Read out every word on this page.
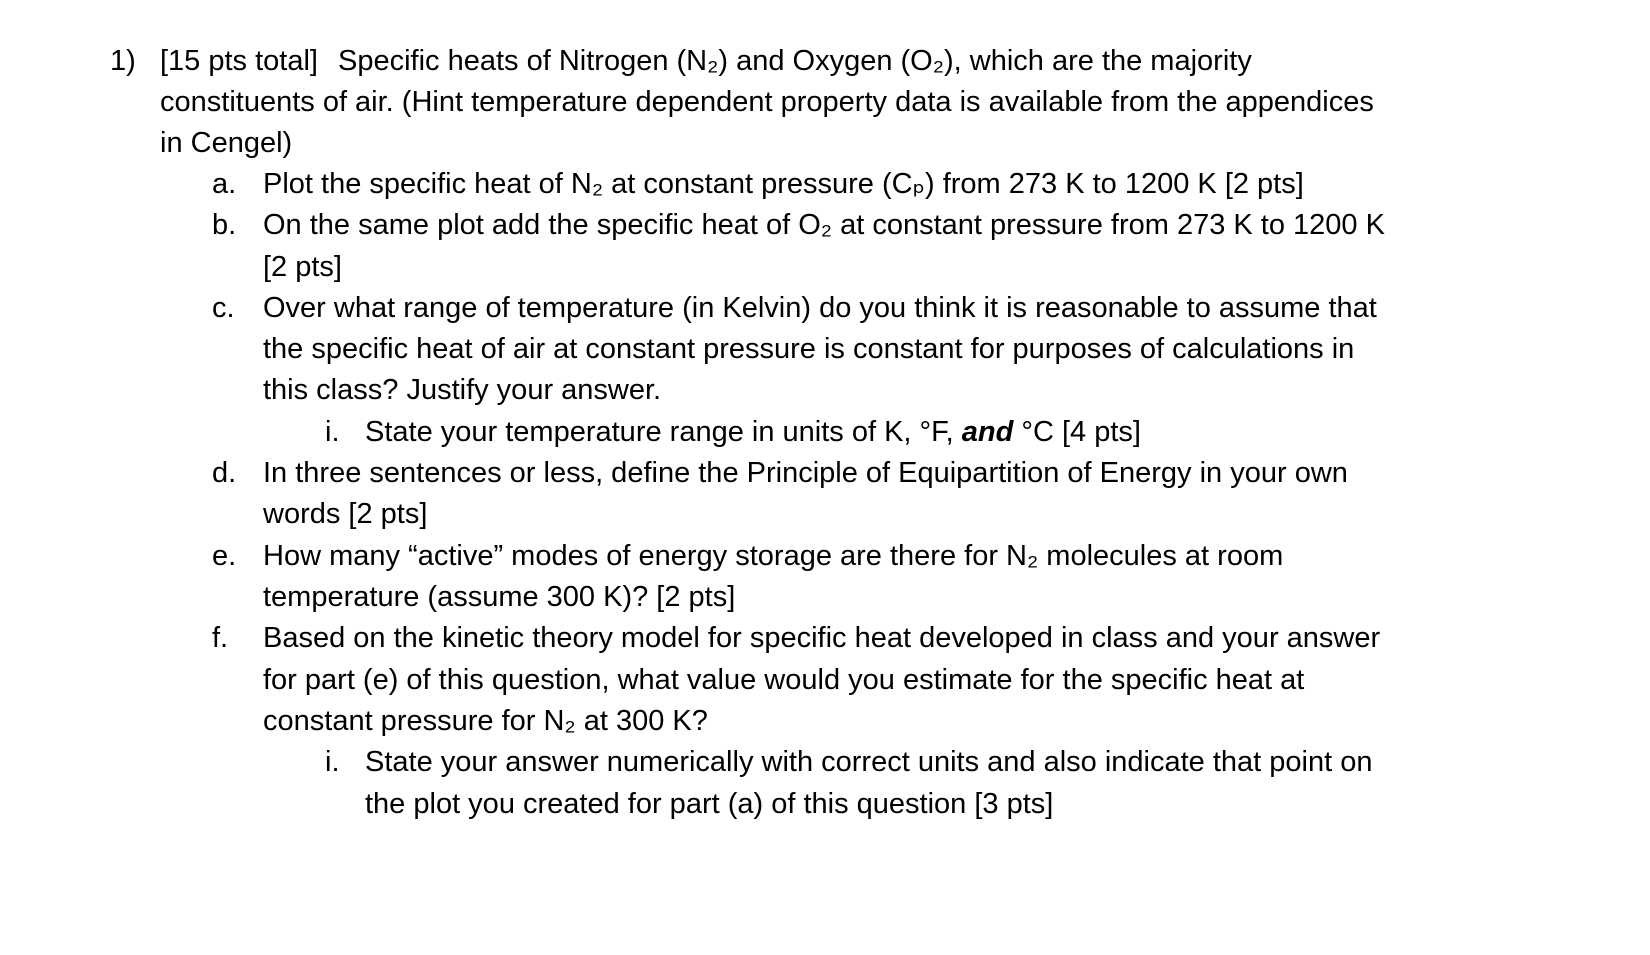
1) [15 pts total] Specific heats of Nitrogen (N₂) and Oxygen (O₂), which are the majority
constituents of air. (Hint temperature dependent property data is available from the appendices
in Cengel)
a. Plot the specific heat of N₂ at constant pressure (Cₚ) from 273 K to 1200 K [2 pts]
b. On the same plot add the specific heat of O₂ at constant pressure from 273 K to 1200 K
[2 pts]
c. Over what range of temperature (in Kelvin) do you think it is reasonable to assume that
the specific heat of air at constant pressure is constant for purposes of calculations in
this class? Justify your answer.
i. State your temperature range in units of K, °F, and °C [4 pts]
d. In three sentences or less, define the Principle of Equipartition of Energy in your own
words [2 pts]
e. How many “active” modes of energy storage are there for N₂ molecules at room
temperature (assume 300 K)? [2 pts]
f. Based on the kinetic theory model for specific heat developed in class and your answer
for part (e) of this question, what value would you estimate for the specific heat at
constant pressure for N₂ at 300 K?
i. State your answer numerically with correct units and also indicate that point on
the plot you created for part (a) of this question [3 pts]
